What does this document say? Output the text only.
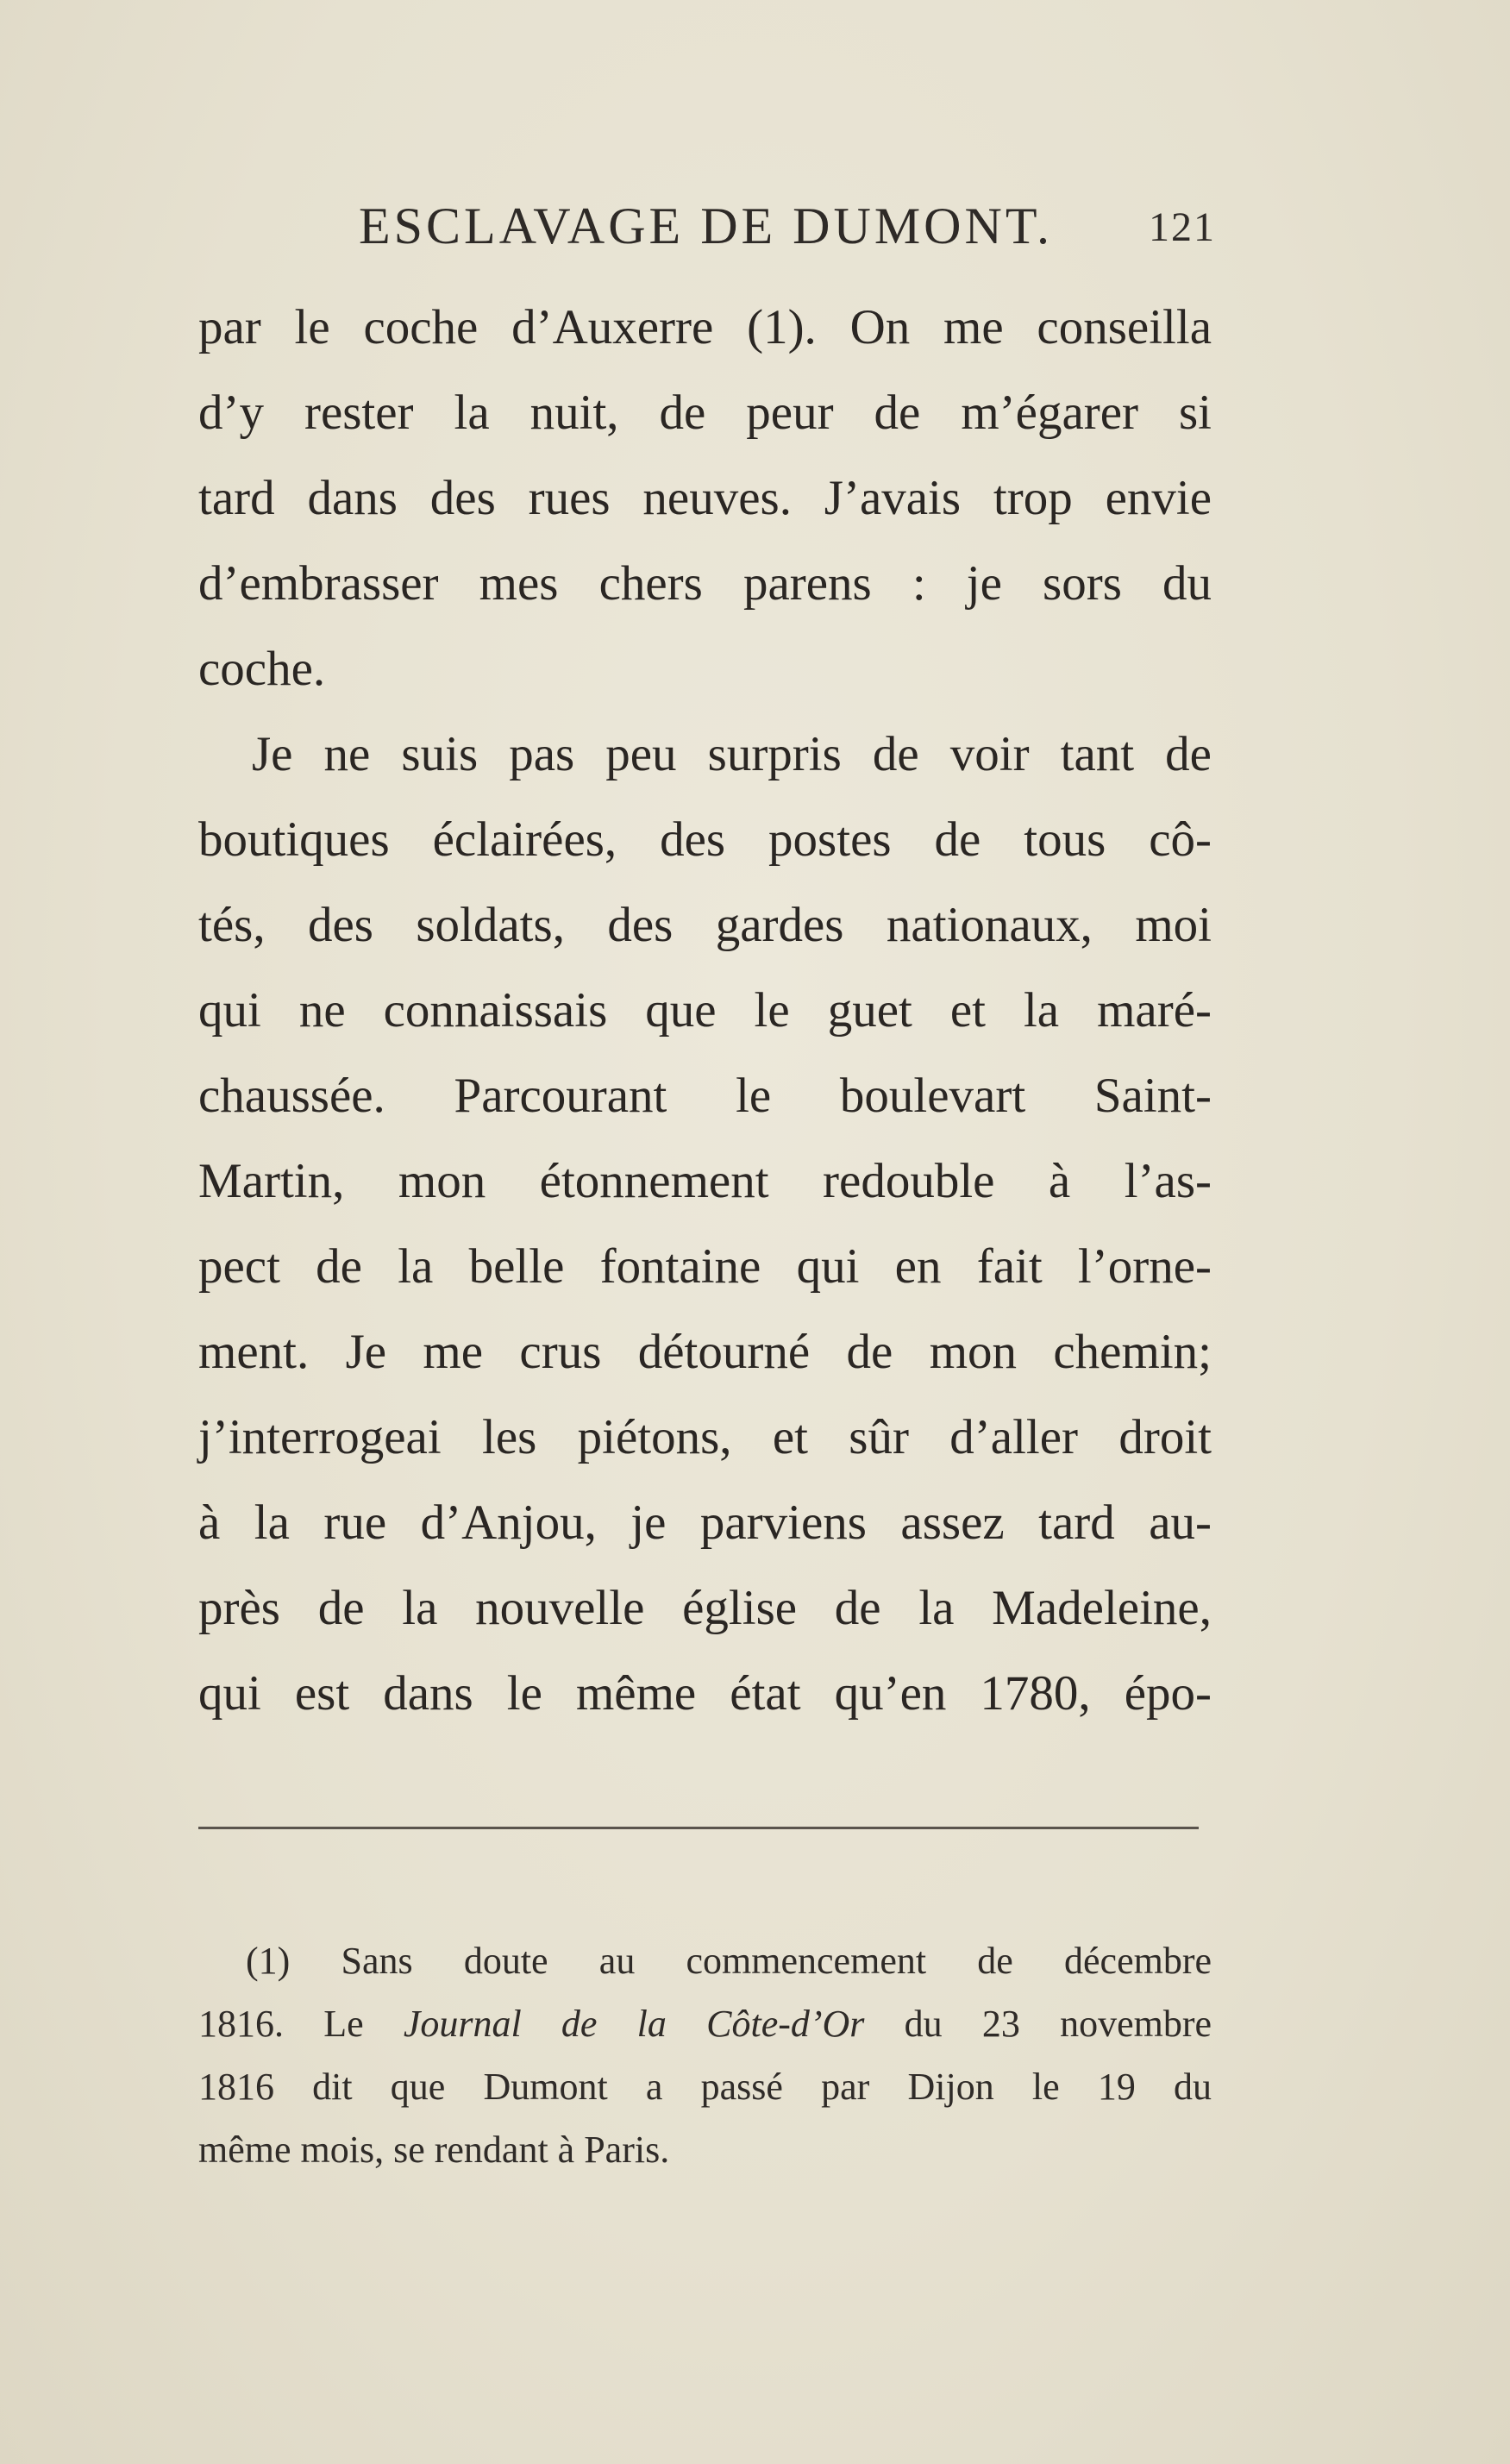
ESCLAVAGE DE DUMONT. 121
par le coche d’Auxerre (1). On me conseilla
d’y rester la nuit, de peur de m’égarer si
tard dans des rues neuves. J’avais trop envie
d’embrasser mes chers parens : je sors du
coche.
Je ne suis pas peu surpris de voir tant de
boutiques éclairées, des postes de tous cô-
tés, des soldats, des gardes nationaux, moi
qui ne connaissais que le guet et la maré-
chaussée. Parcourant le boulevart Saint-
Martin, mon étonnement redouble à l’as-
pect de la belle fontaine qui en fait l’orne-
ment. Je me crus détourné de mon chemin;
j’interrogeai les piétons, et sûr d’aller droit
à la rue d’Anjou, je parviens assez tard au-
près de la nouvelle église de la Madeleine,
qui est dans le même état qu’en 1780, épo-
(1) Sans doute au commencement de décembre
1816. Le Journal de la Côte-d’Or du 23 novembre
1816 dit que Dumont a passé par Dijon le 19 du
même mois, se rendant à Paris.
